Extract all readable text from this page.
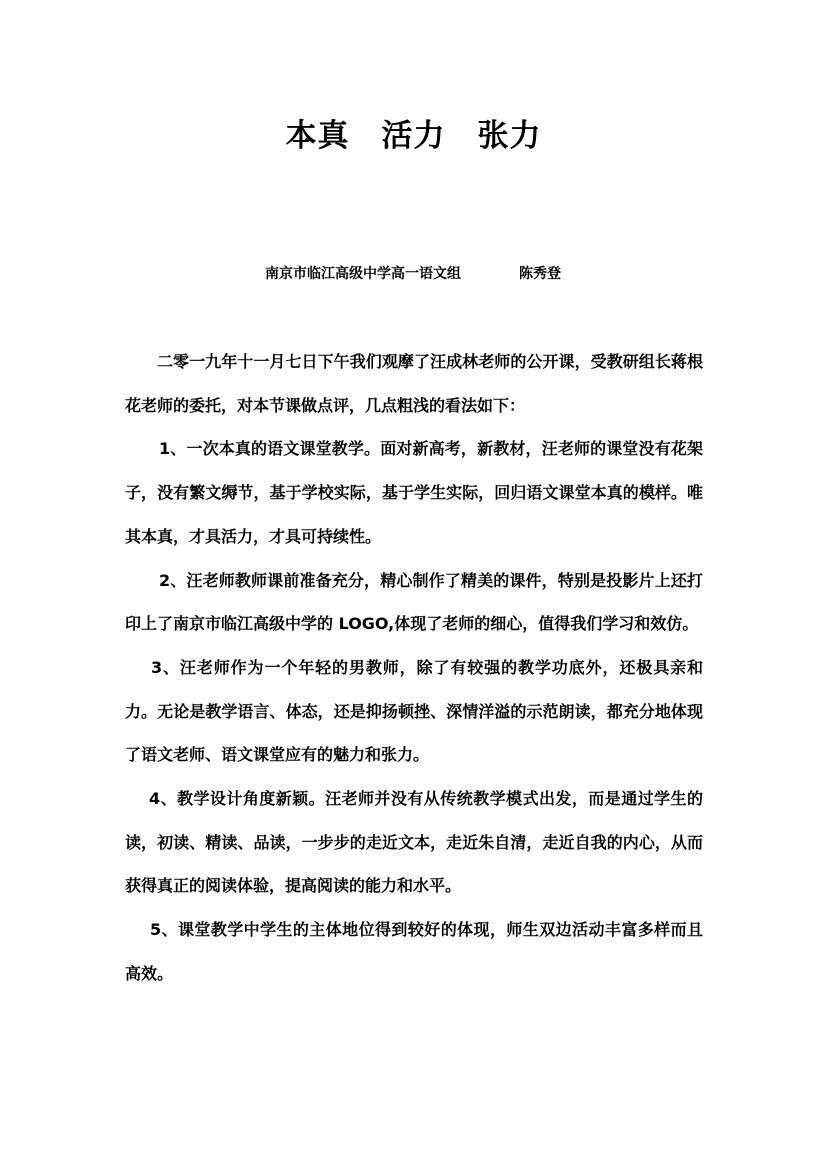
本真　活力　张力
南京市临江高级中学高一语文组	陈秀登

二零一九年十一月七日下午我们观摩了汪成林老师的公开课，受教研组长蒋根花老师的委托，对本节课做点评，几点粗浅的看法如下：

1、一次本真的语文课堂教学。面对新高考，新教材，汪老师的课堂没有花架子，没有繁文缛节，基于学校实际，基于学生实际，回归语文课堂本真的模样。唯其本真，才具活力，才具可持续性。

2、汪老师教师课前准备充分，精心制作了精美的课件，特别是投影片上还打印上了南京市临江高级中学的 LOGO,体现了老师的细心，值得我们学习和效仿。

3、汪老师作为一个年轻的男教师，除了有较强的教学功底外，还极具亲和力。无论是教学语言、体态，还是抑扬顿挫、深情洋溢的示范朗读，都充分地体现了语文老师、语文课堂应有的魅力和张力。

4、教学设计角度新颖。汪老师并没有从传统教学模式出发，而是通过学生的读，初读、精读、品读，一步步的走近文本，走近朱自清，走近自我的内心，从而获得真正的阅读体验，提高阅读的能力和水平。

5、课堂教学中学生的主体地位得到较好的体现，师生双边活动丰富多样而且高效。
